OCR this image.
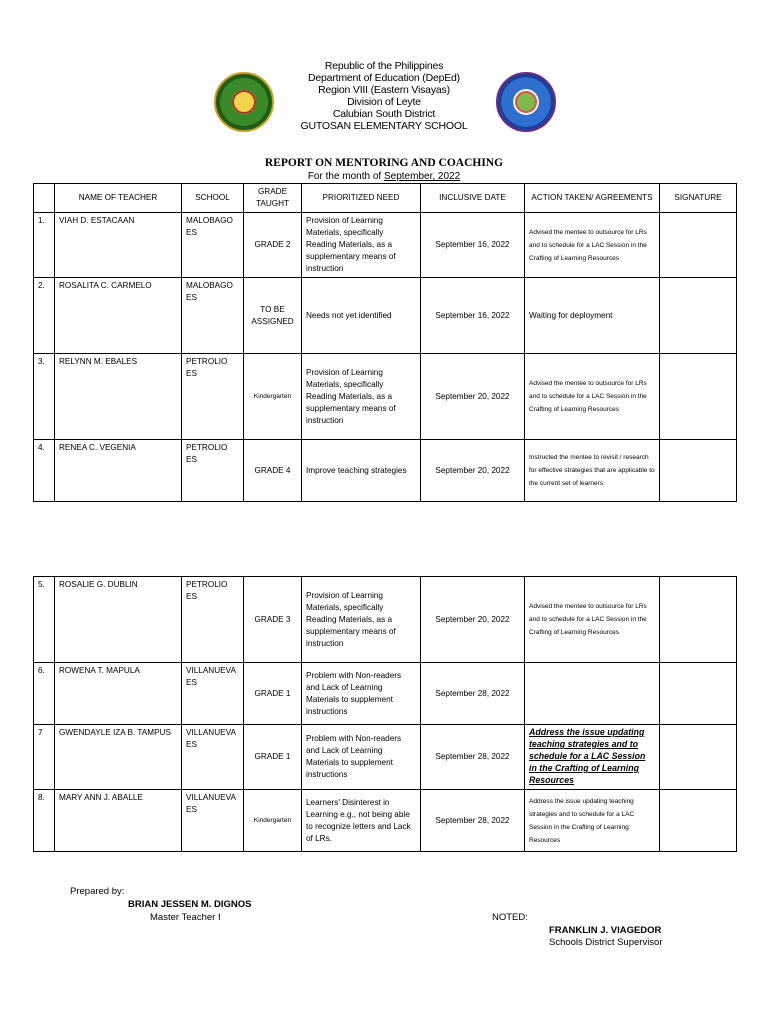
Republic of the Philippines
Department of Education (DepEd)
Region VIII (Eastern Visayas)
Division of Leyte
Calubian South District
GUTOSAN ELEMENTARY SCHOOL
REPORT ON MENTORING AND COACHING
For the month of September, 2022
	NAME OF TEACHER	SCHOOL	GRADE TAUGHT	PRIORITIZED NEED	INCLUSIVE DATE	ACTION TAKEN/ AGREEMENTS	SIGNATURE
1.	VIAH D. ESTACAAN	MALOBAGO ES	GRADE 2	Provision of Learning Materials, specifically Reading Materials, as a supplementary means of instruction	September 16, 2022	Advised the mentee to outsource for LRs and to schedule for a LAC Session in the Crafting of Learning Resources	
2.	ROSALITA C. CARMELO	MALOBAGO ES	TO BE ASSIGNED	Needs not yet identified	September 16, 2022	Waiting for deployment	
3.	RELYNN M. EBALES	PETROLIO ES	Kindergarten	Provision of Learning Materials, specifically Reading Materials, as a supplementary means of instruction	September 20, 2022	Advised the mentee to outsource for LRs and to schedule for a LAC Session in the Crafting of Learning Resources	
4.	RENEA C. VEGENIA	PETROLIO ES	GRADE 4	Improve teaching strategies	September 20, 2022	Instructed the mentee to revisit / research for effective strategies that are applicable to the current set of learners	
5.	ROSALIE G. DUBLIN	PETROLIO ES	GRADE 3	Provision of Learning Materials, specifically Reading Materials, as a supplementary means of instruction	September 20, 2022	Advised the mentee to outsource for LRs and to schedule for a LAC Session in the Crafting of Learning Resources	
6.	ROWENA T. MAPULA	VILLANUEVA ES	GRADE 1	Problem with Non-readers and Lack of Learning Materials to supplement instructions	September 28, 2022		
7	GWENDAYLE IZA B. TAMPUS	VILLANUEVA ES	GRADE 1	Problem with Non-readers and Lack of Learning Materials to supplement instructions	September 28, 2022	Address the issue updating teaching strategies and to schedule for a LAC Session in the Crafting of Learning Resources	
8.	MARY ANN J. ABALLE	VILLANUEVA ES	Kindergarten	Learners' Disinterest in Learning e.g., not being able to recognize letters and Lack of LRs.	September 28, 2022	Address the issue updating teaching strategies and to schedule for a LAC Session in the Crafting of Learning Resources	
Prepared by:
BRIAN JESSEN M. DIGNOS
Master Teacher I	NOTED:
FRANKLIN J. VIAGEDOR
Schools District Supervisor
